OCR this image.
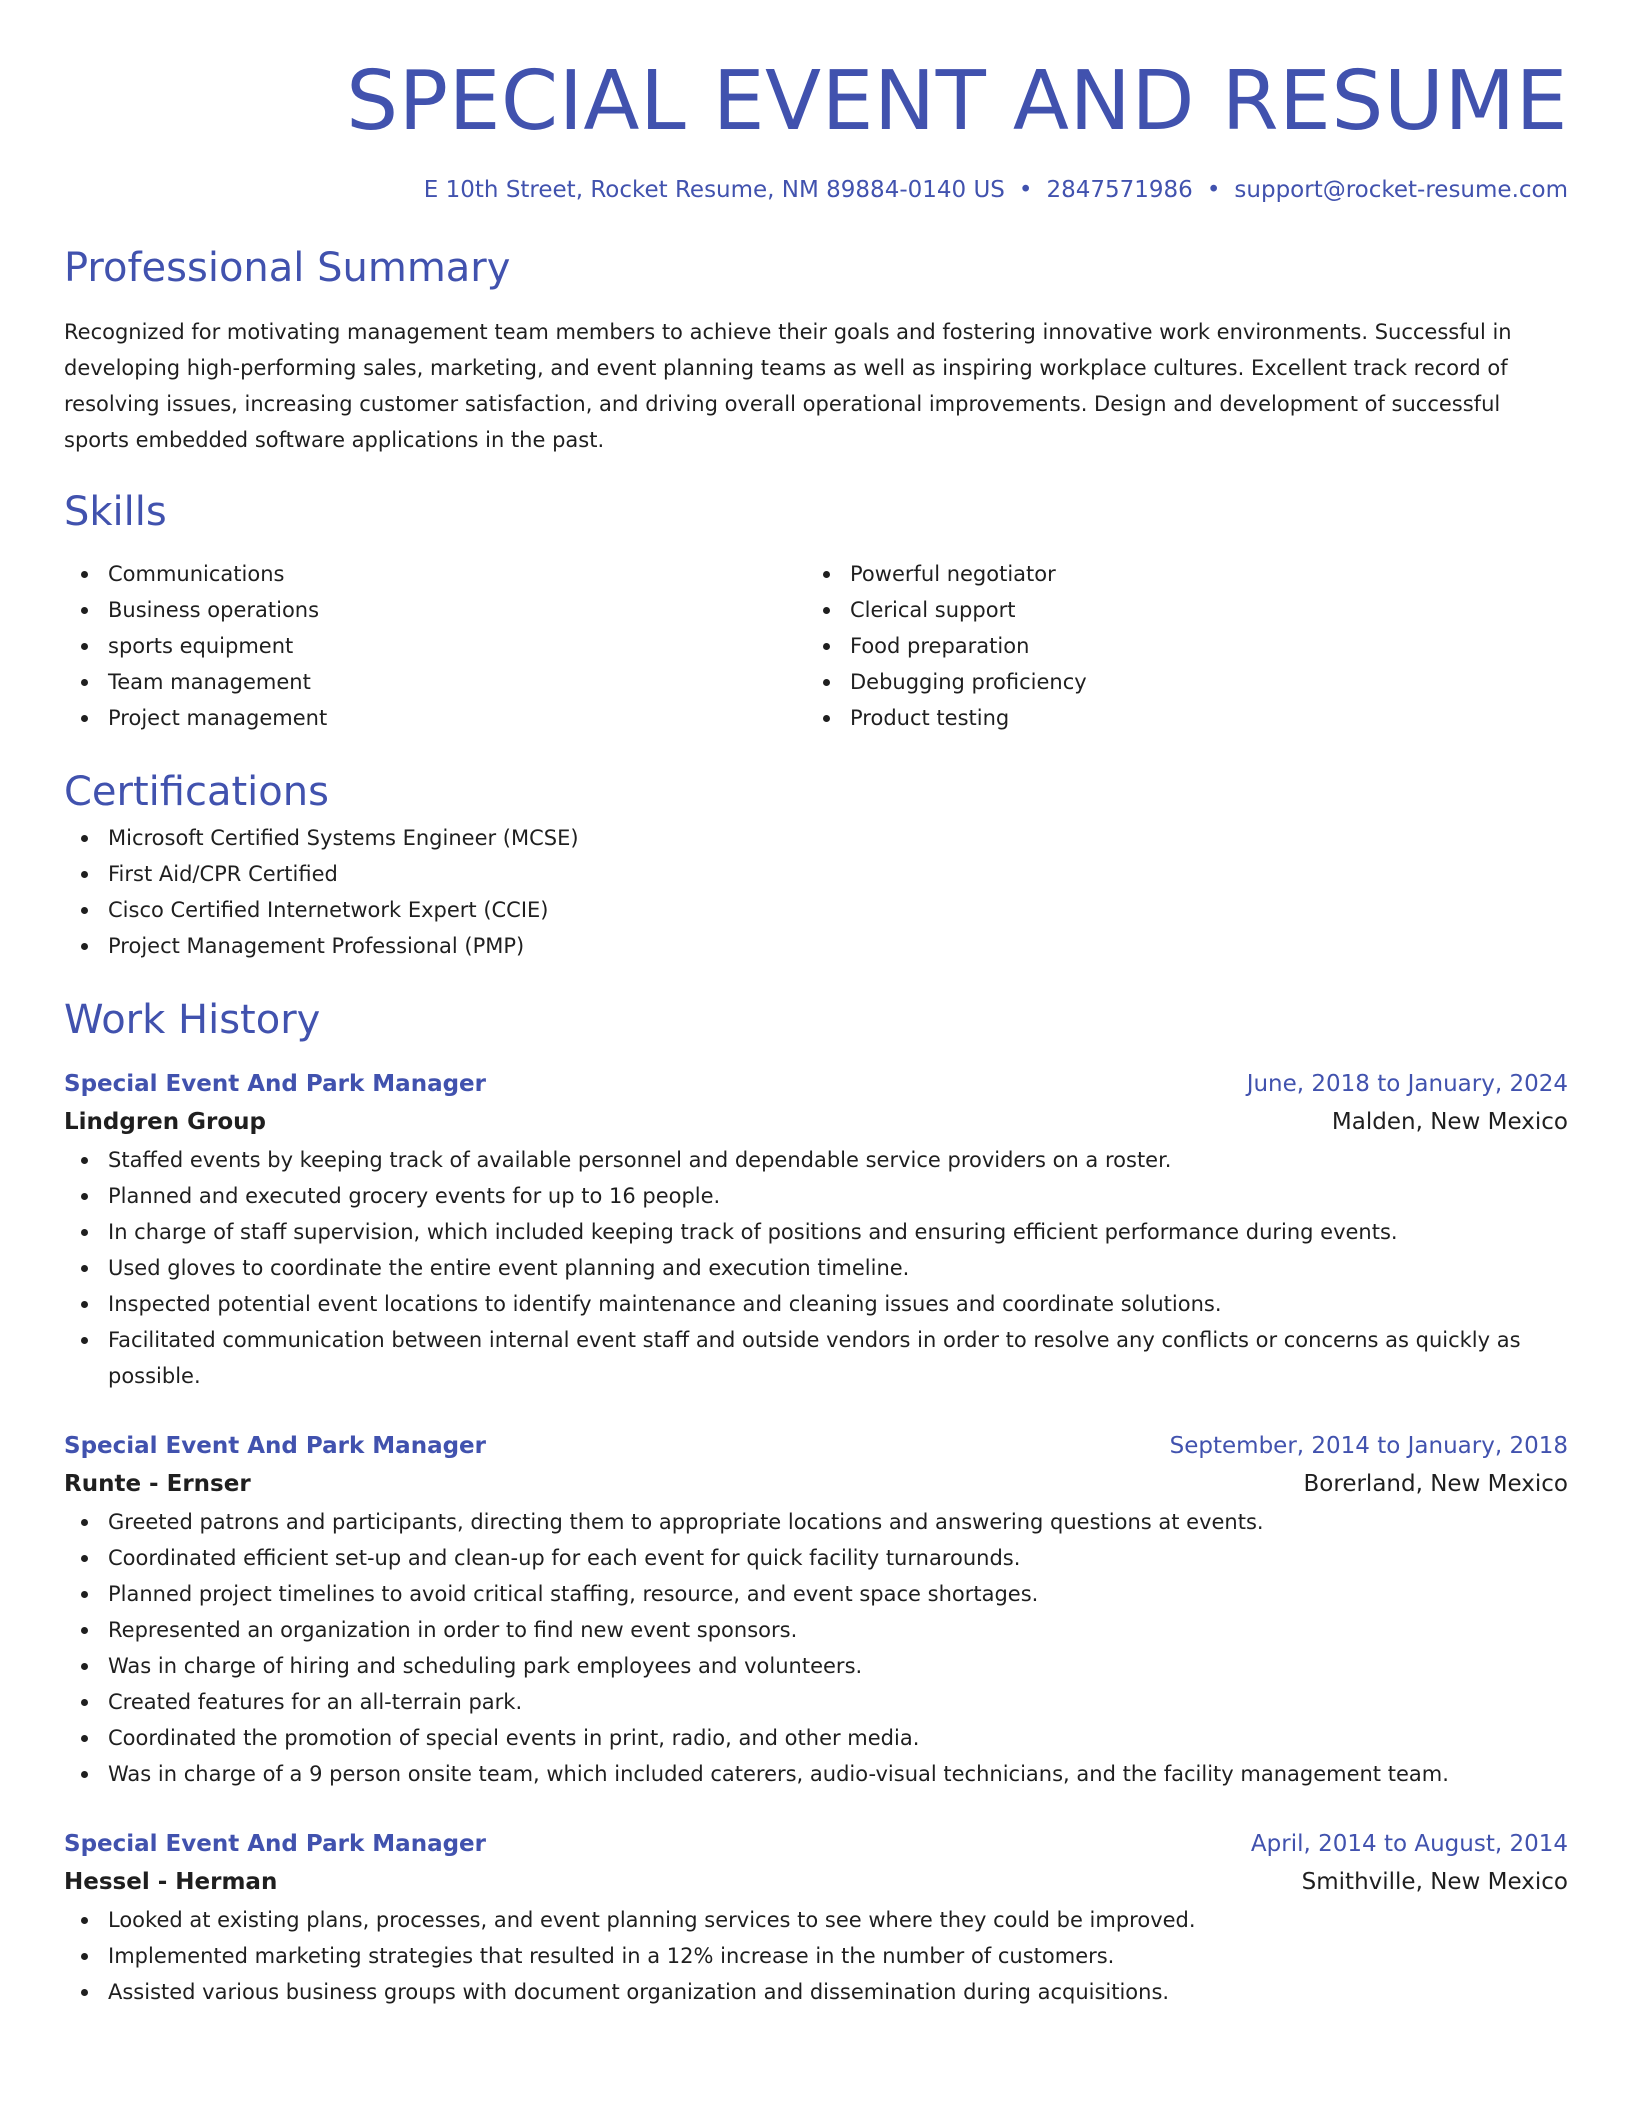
SPECIAL EVENT AND RESUME
E 10th Street, Rocket Resume, NM 89884-0140 US • 2847571986 • support@rocket-resume.com
Professional Summary
Recognized for motivating management team members to achieve their goals and fostering innovative work environments. Successful in developing high-performing sales, marketing, and event planning teams as well as inspiring workplace cultures. Excellent track record of resolving issues, increasing customer satisfaction, and driving overall operational improvements. Design and development of successful sports embedded software applications in the past.
Skills
Communications
Business operations
sports equipment
Team management
Project management
Powerful negotiator
Clerical support
Food preparation
Debugging proficiency
Product testing
Certifications
Microsoft Certified Systems Engineer (MCSE)
First Aid/CPR Certified
Cisco Certified Internetwork Expert (CCIE)
Project Management Professional (PMP)
Work History
Special Event And Park Manager	June, 2018 to January, 2024
Lindgren Group	Malden, New Mexico
Staffed events by keeping track of available personnel and dependable service providers on a roster.
Planned and executed grocery events for up to 16 people.
In charge of staff supervision, which included keeping track of positions and ensuring efficient performance during events.
Used gloves to coordinate the entire event planning and execution timeline.
Inspected potential event locations to identify maintenance and cleaning issues and coordinate solutions.
Facilitated communication between internal event staff and outside vendors in order to resolve any conflicts or concerns as quickly as possible.
Special Event And Park Manager	September, 2014 to January, 2018
Runte - Ernser	Borerland, New Mexico
Greeted patrons and participants, directing them to appropriate locations and answering questions at events.
Coordinated efficient set-up and clean-up for each event for quick facility turnarounds.
Planned project timelines to avoid critical staffing, resource, and event space shortages.
Represented an organization in order to find new event sponsors.
Was in charge of hiring and scheduling park employees and volunteers.
Created features for an all-terrain park.
Coordinated the promotion of special events in print, radio, and other media.
Was in charge of a 9 person onsite team, which included caterers, audio-visual technicians, and the facility management team.
Special Event And Park Manager	April, 2014 to August, 2014
Hessel - Herman	Smithville, New Mexico
Looked at existing plans, processes, and event planning services to see where they could be improved.
Implemented marketing strategies that resulted in a 12% increase in the number of customers.
Assisted various business groups with document organization and dissemination during acquisitions.
